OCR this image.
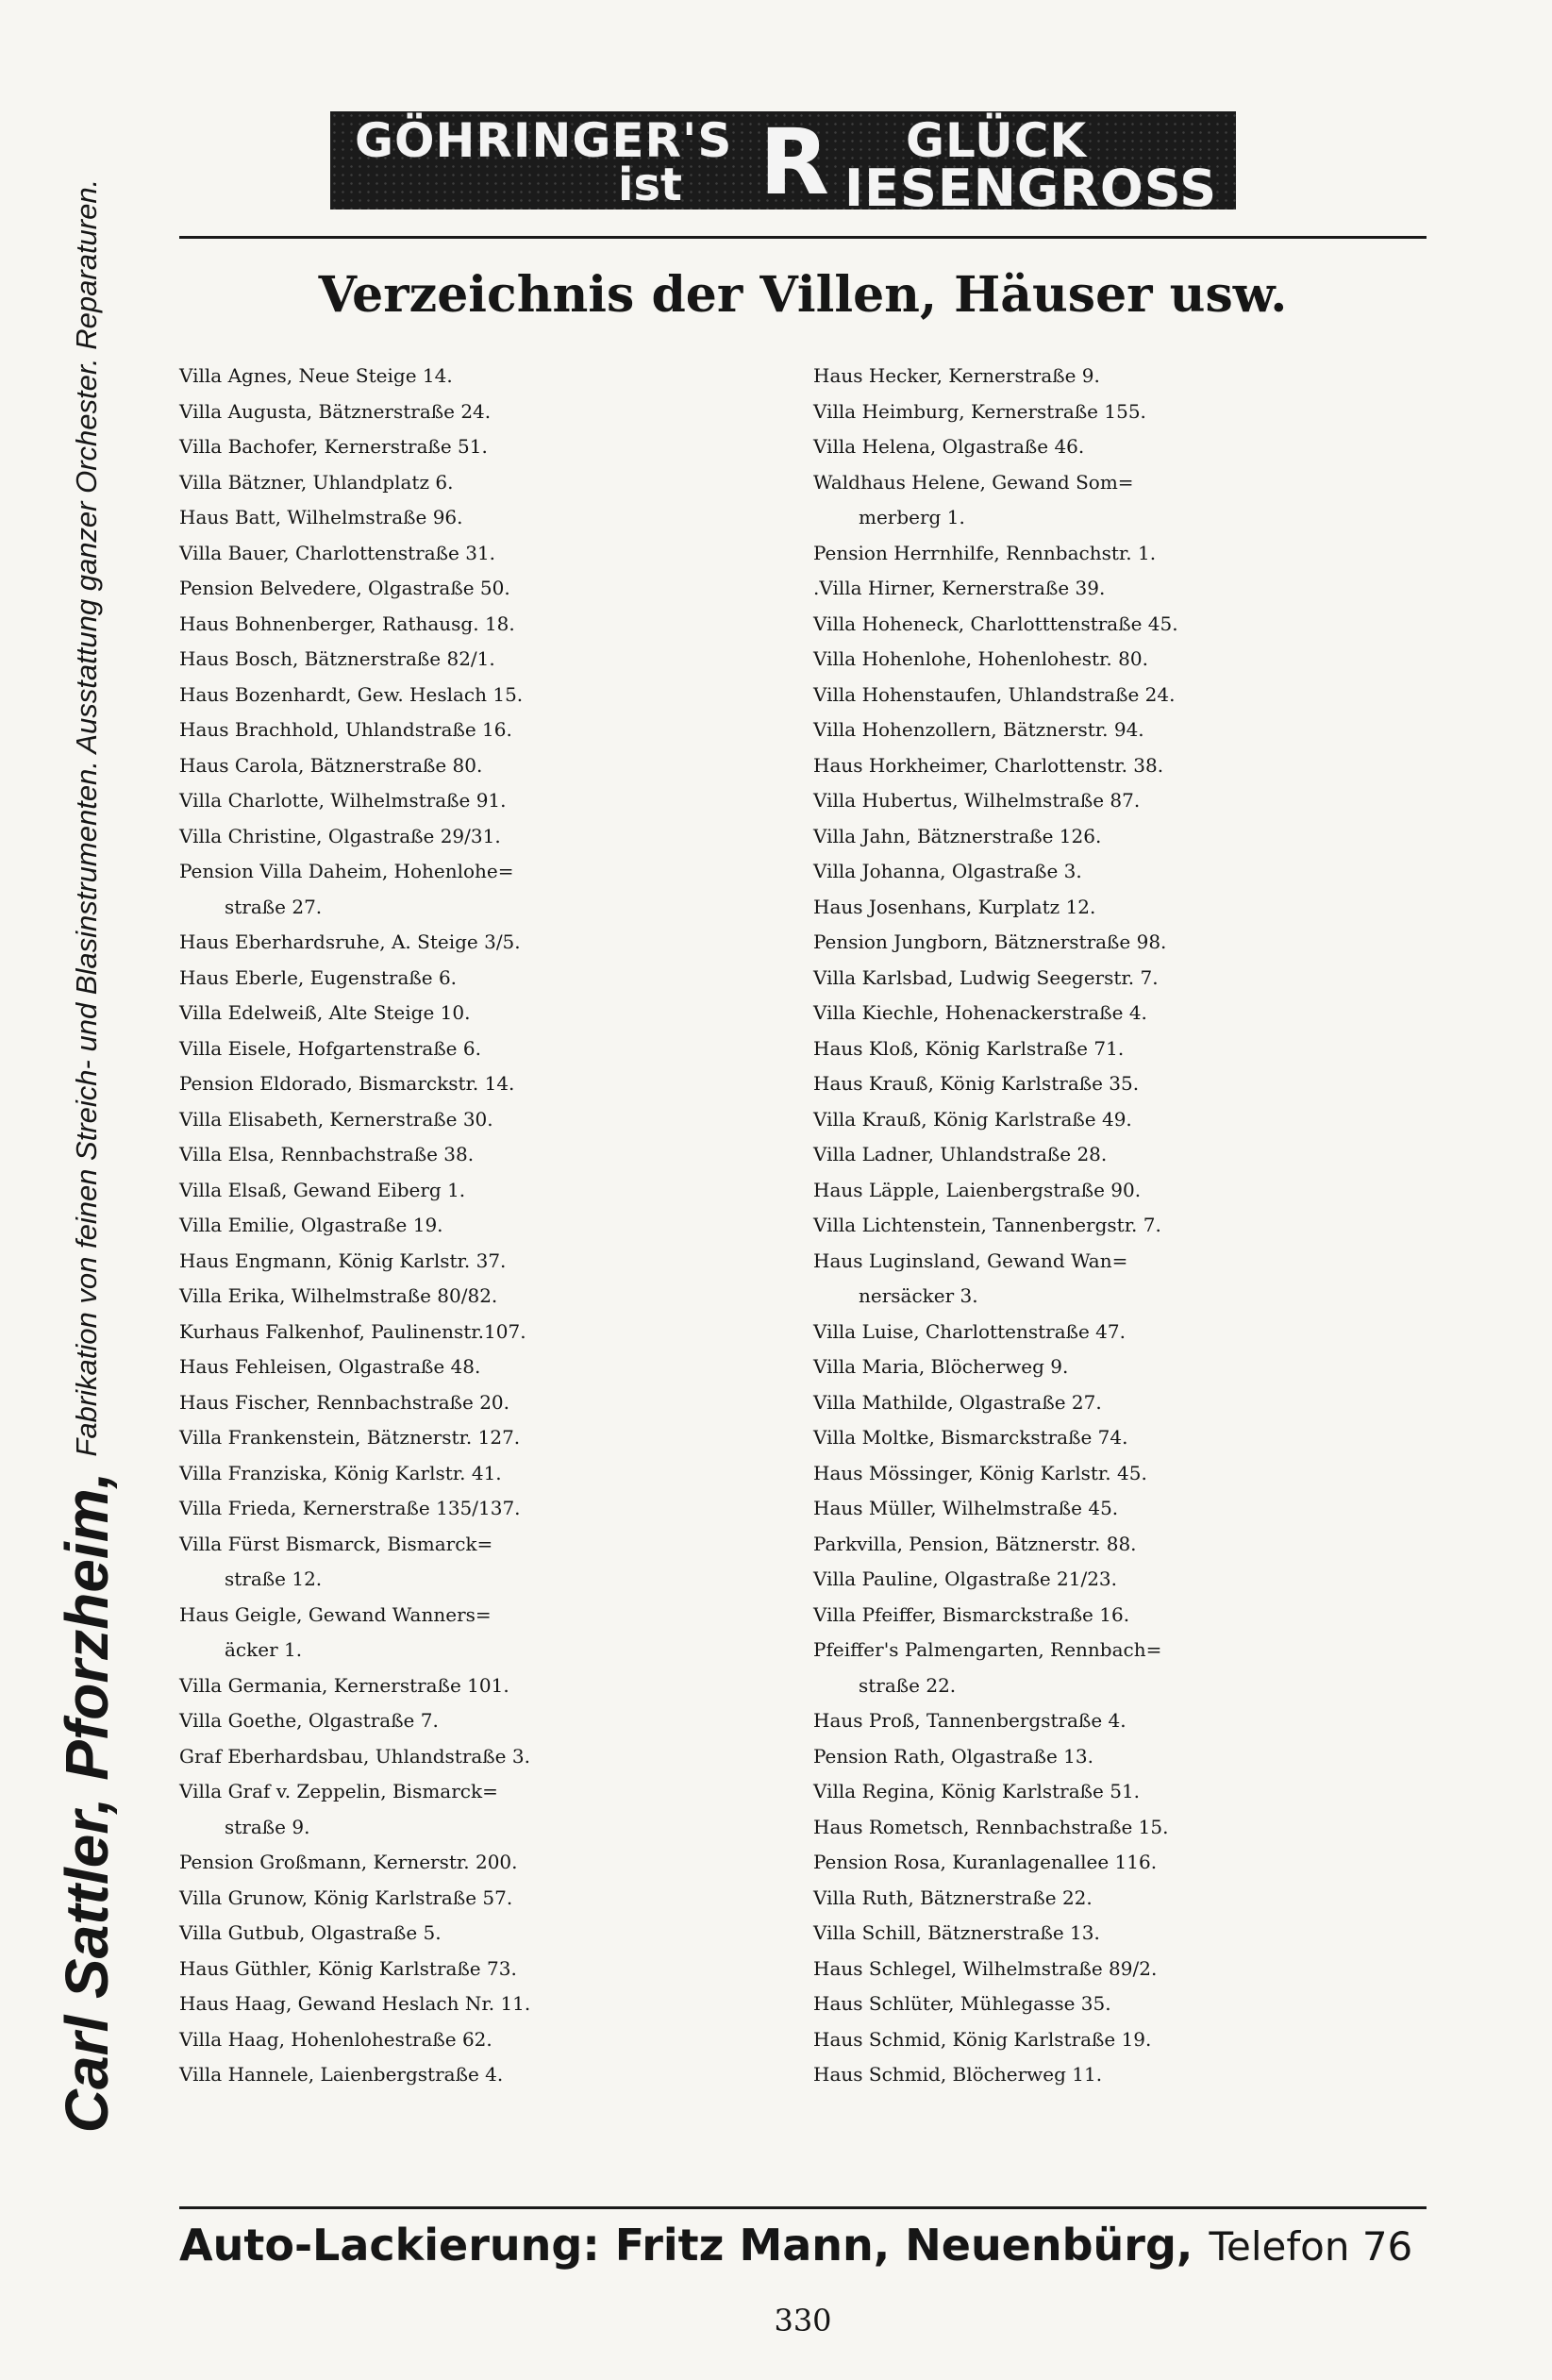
Carl Sattler, Pforzheim,
Fabrikation von feinen Streich- und Blasinstrumenten. Ausstattung ganzer Orchester. Reparaturen.
GÖHRINGER'S R GLÜCK
ist	IESENGROSS
Verzeichnis der Villen, Häuser usw.
Villa Agnes, Neue Steige 14.
Villa Augusta, Bätznerstraße 24.
Villa Bachofer, Kernerstraße 51.
Villa Bätzner, Uhlandplatz 6.
Haus Batt, Wilhelmstraße 96.
Villa Bauer, Charlottenstraße 31.
Pension Belvedere, Olgastraße 50.
Haus Bohnenberger, Rathausg. 18.
Haus Bosch, Bätznerstraße 82/1.
Haus Bozenhardt, Gew. Heslach 15.
Haus Brachhold, Uhlandstraße 16.
Haus Carola, Bätznerstraße 80.
Villa Charlotte, Wilhelmstraße 91.
Villa Christine, Olgastraße 29/31.
Pension Villa Daheim, Hohenlohe=
straße 27.
Haus Eberhardsruhe, A. Steige 3/5.
Haus Eberle, Eugenstraße 6.
Villa Edelweiß, Alte Steige 10.
Villa Eisele, Hofgartenstraße 6.
Pension Eldorado, Bismarckstr. 14.
Villa Elisabeth, Kernerstraße 30.
Villa Elsa, Rennbachstraße 38.
Villa Elsaß, Gewand Eiberg 1.
Villa Emilie, Olgastraße 19.
Haus Engmann, König Karlstr. 37.
Villa Erika, Wilhelmstraße 80/82.
Kurhaus Falkenhof, Paulinenstr.107.
Haus Fehleisen, Olgastraße 48.
Haus Fischer, Rennbachstraße 20.
Villa Frankenstein, Bätznerstr. 127.
Villa Franziska, König Karlstr. 41.
Villa Frieda, Kernerstraße 135/137.
Villa Fürst Bismarck, Bismarck=
straße 12.
Haus Geigle, Gewand Wanners=
äcker 1.
Villa Germania, Kernerstraße 101.
Villa Goethe, Olgastraße 7.
Graf Eberhardsbau, Uhlandstraße 3.
Villa Graf v. Zeppelin, Bismarck=
straße 9.
Pension Großmann, Kernerstr. 200.
Villa Grunow, König Karlstraße 57.
Villa Gutbub, Olgastraße 5.
Haus Güthler, König Karlstraße 73.
Haus Haag, Gewand Heslach Nr. 11.
Villa Haag, Hohenlohestraße 62.
Villa Hannele, Laienbergstraße 4.
Haus Hecker, Kernerstraße 9.
Villa Heimburg, Kernerstraße 155.
Villa Helena, Olgastraße 46.
Waldhaus Helene, Gewand Som=
merberg 1.
Pension Herrnhilfe, Rennbachstr. 1.
.Villa Hirner, Kernerstraße 39.
Villa Hoheneck, Charlotttenstraße 45.
Villa Hohenlohe, Hohenlohestr. 80.
Villa Hohenstaufen, Uhlandstraße 24.
Villa Hohenzollern, Bätznerstr. 94.
Haus Horkheimer, Charlottenstr. 38.
Villa Hubertus, Wilhelmstraße 87.
Villa Jahn, Bätznerstraße 126.
Villa Johanna, Olgastraße 3.
Haus Josenhans, Kurplatz 12.
Pension Jungborn, Bätznerstraße 98.
Villa Karlsbad, Ludwig Seegerstr. 7.
Villa Kiechle, Hohenackerstraße 4.
Haus Kloß, König Karlstraße 71.
Haus Krauß, König Karlstraße 35.
Villa Krauß, König Karlstraße 49.
Villa Ladner, Uhlandstraße 28.
Haus Läpple, Laienbergstraße 90.
Villa Lichtenstein, Tannenbergstr. 7.
Haus Luginsland, Gewand Wan=
nersäcker 3.
Villa Luise, Charlottenstraße 47.
Villa Maria, Blöcherweg 9.
Villa Mathilde, Olgastraße 27.
Villa Moltke, Bismarckstraße 74.
Haus Mössinger, König Karlstr. 45.
Haus Müller, Wilhelmstraße 45.
Parkvilla, Pension, Bätznerstr. 88.
Villa Pauline, Olgastraße 21/23.
Villa Pfeiffer, Bismarckstraße 16.
Pfeiffer's Palmengarten, Rennbach=
straße 22.
Haus Proß, Tannenbergstraße 4.
Pension Rath, Olgastraße 13.
Villa Regina, König Karlstraße 51.
Haus Rometsch, Rennbachstraße 15.
Pension Rosa, Kuranlagenallee 116.
Villa Ruth, Bätznerstraße 22.
Villa Schill, Bätznerstraße 13.
Haus Schlegel, Wilhelmstraße 89/2.
Haus Schlüter, Mühlegasse 35.
Haus Schmid, König Karlstraße 19.
Haus Schmid, Blöcherweg 11.
Auto-Lackierung: Fritz Mann, Neuenbürg, Telefon 76
330
